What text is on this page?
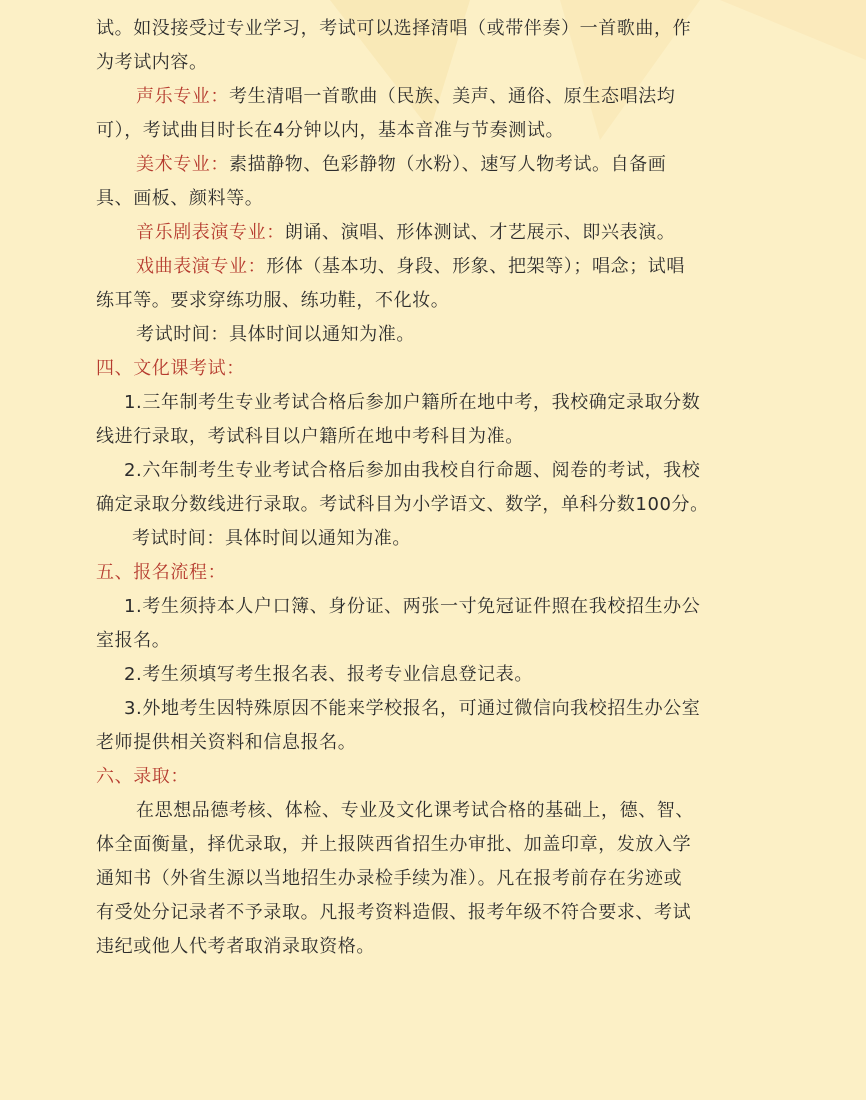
试。如没接受过专业学习，考试可以选择清唱（或带伴奏）一首歌曲，作

为考试内容。

声乐专业：考生清唱一首歌曲（民族、美声、通俗、原生态唱法均

可），考试曲目时长在4分钟以内，基本音准与节奏测试。

美术专业：素描静物、色彩静物（水粉）、速写人物考试。自备画

具、画板、颜料等。

音乐剧表演专业：朗诵、演唱、形体测试、才艺展示、即兴表演。

戏曲表演专业：形体（基本功、身段、形象、把架等）；唱念；试唱

练耳等。要求穿练功服、练功鞋，不化妆。

考试时间：具体时间以通知为准。

四、文化课考试：

1.三年制考生专业考试合格后参加户籍所在地中考，我校确定录取分数

线进行录取，考试科目以户籍所在地中考科目为准。

2.六年制考生专业考试合格后参加由我校自行命题、阅卷的考试，我校

确定录取分数线进行录取。考试科目为小学语文、数学，单科分数100分。

考试时间：具体时间以通知为准。

五、报名流程：

1.考生须持本人户口簿、身份证、两张一寸免冠证件照在我校招生办公

室报名。

2.考生须填写考生报名表、报考专业信息登记表。

3.外地考生因特殊原因不能来学校报名，可通过微信向我校招生办公室

老师提供相关资料和信息报名。

六、录取：

在思想品德考核、体检、专业及文化课考试合格的基础上，德、智、

体全面衡量，择优录取，并上报陕西省招生办审批、加盖印章，发放入学

通知书（外省生源以当地招生办录检手续为准）。凡在报考前存在劣迹或

有受处分记录者不予录取。凡报考资料造假、报考年级不符合要求、考试

违纪或他人代考者取消录取资格。
